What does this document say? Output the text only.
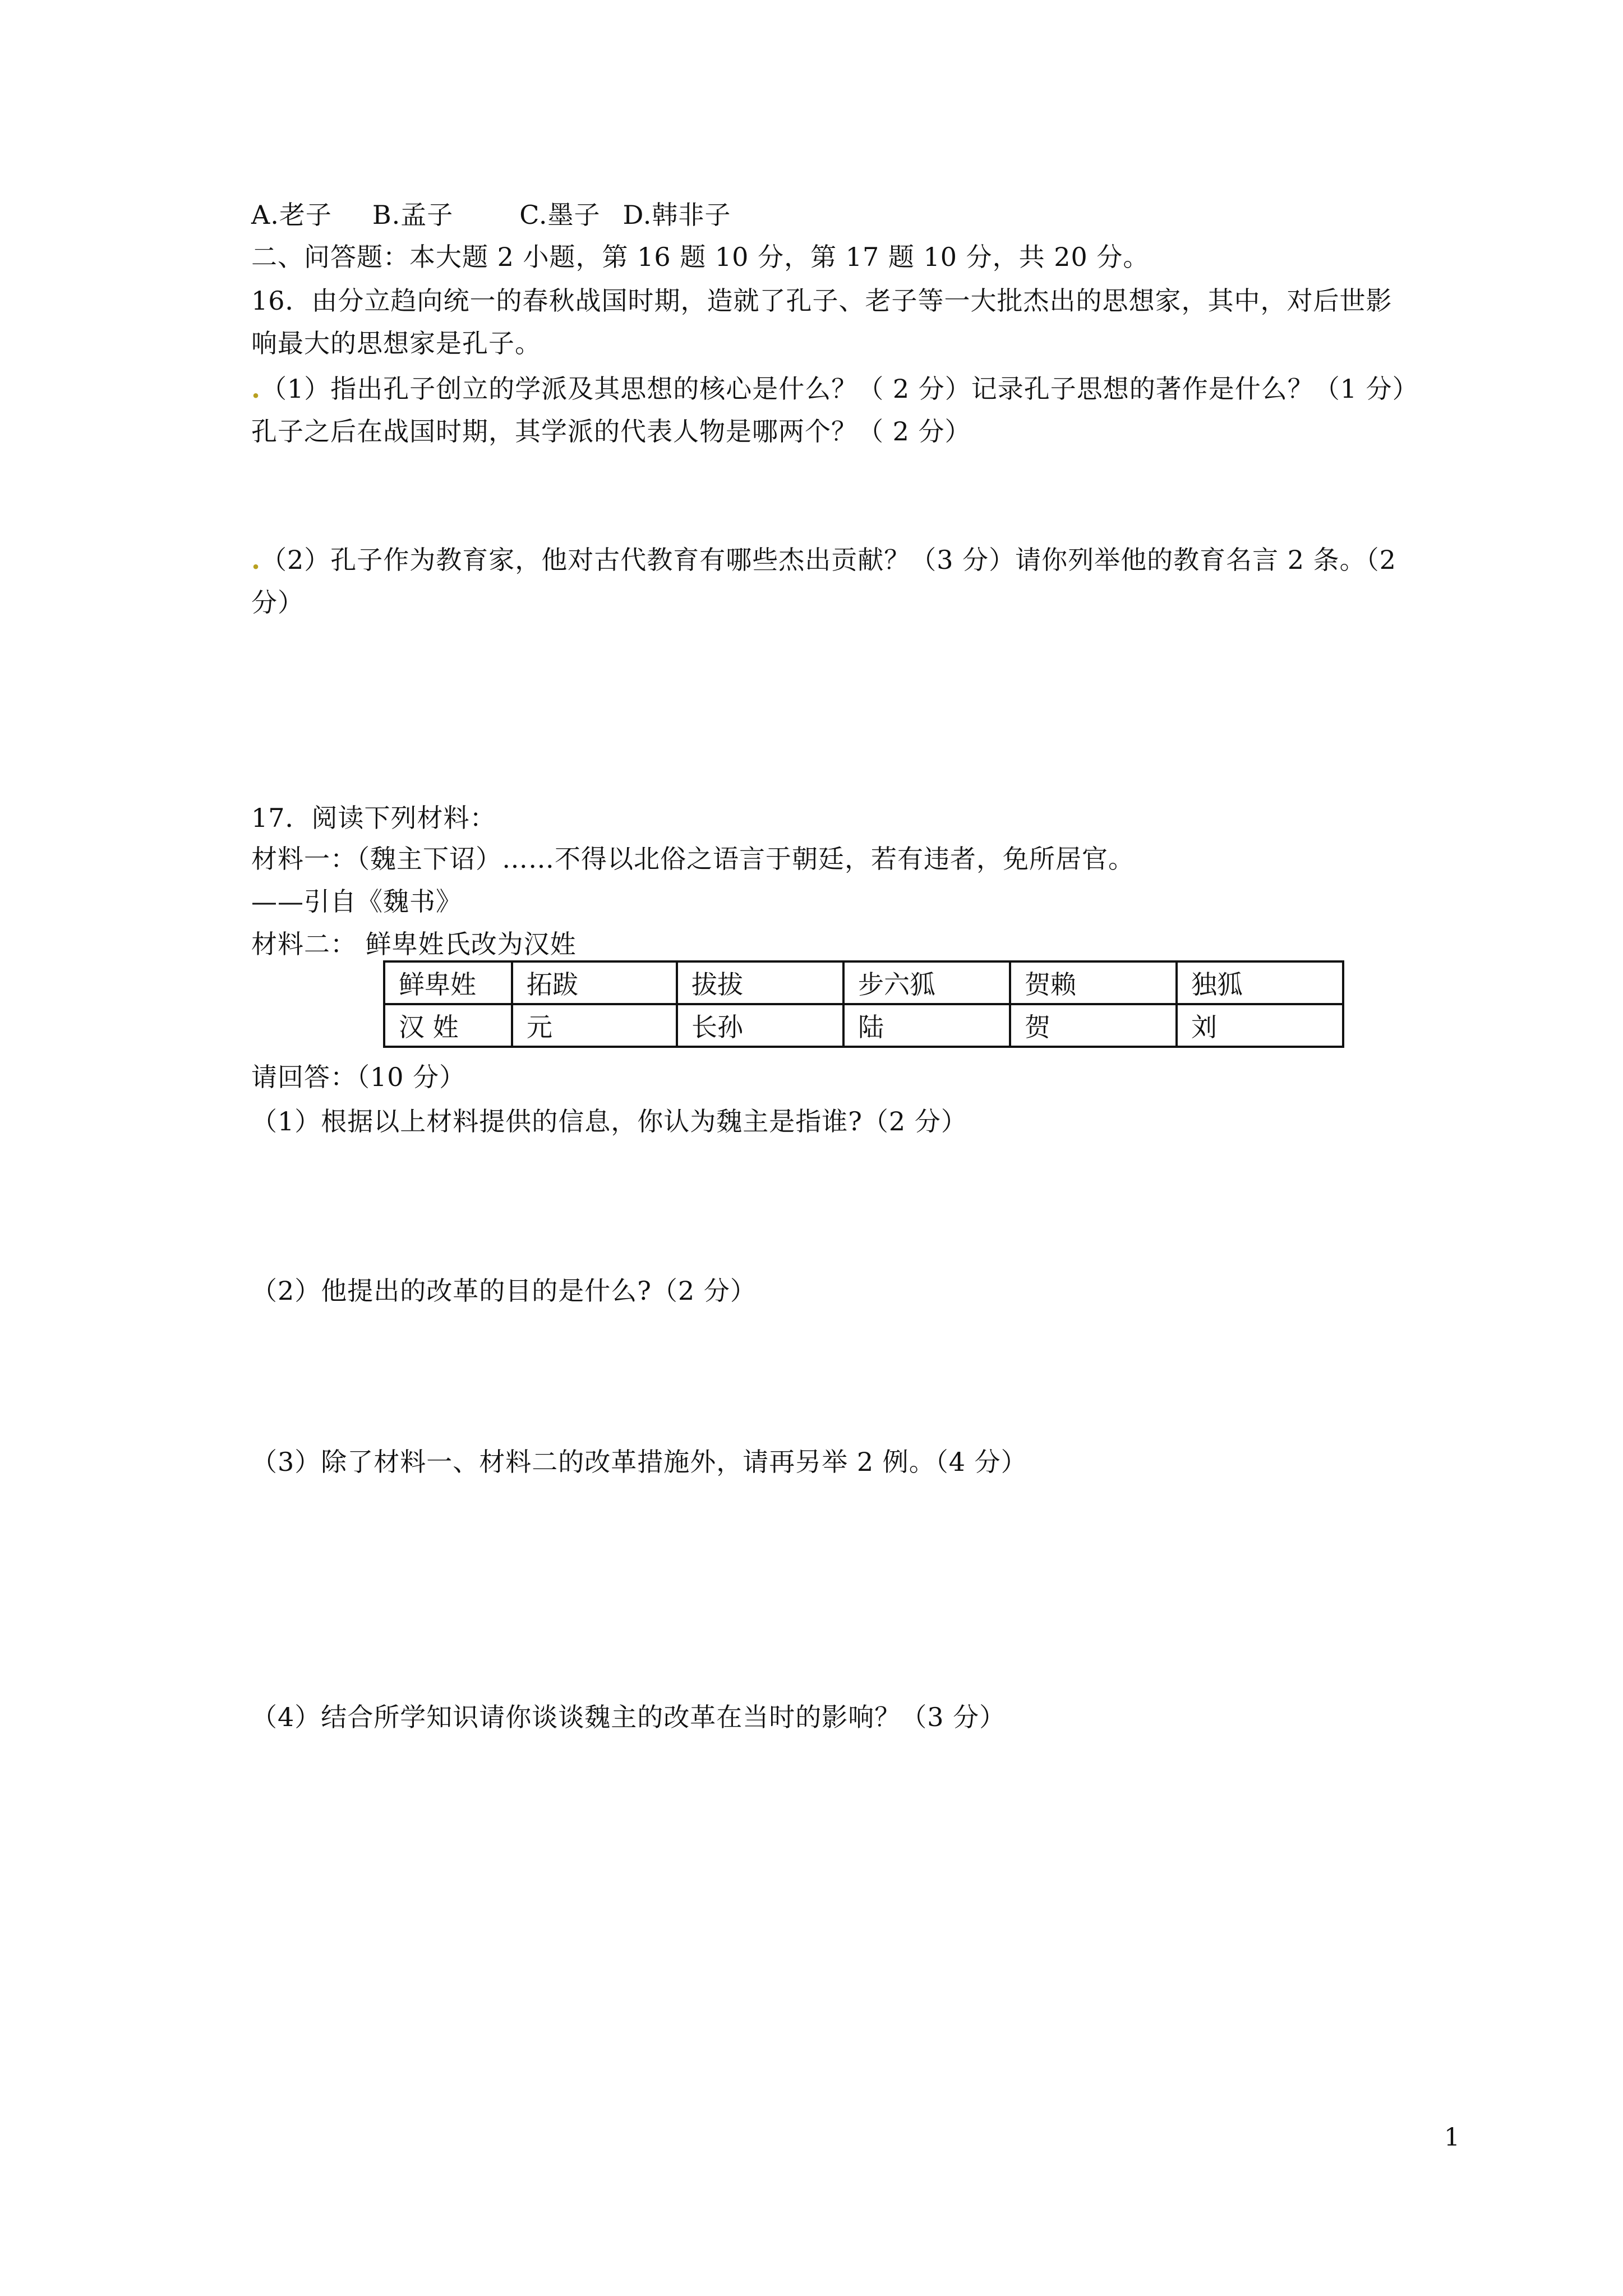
A.老子 B.孟子	C.墨子 D.韩非子
二、问答题：本大题 2 小题，第 16 题 10 分，第 17 题 10 分，共 20 分。
16．由分立趋向统一的春秋战国时期，造就了孔子、老子等一大批杰出的思想家，其中，对后世影
响最大的思想家是孔子。
.（1）指出孔子创立的学派及其思想的核心是什么？（ 2 分）记录孔子思想的著作是什么？（1 分）
孔子之后在战国时期，其学派的代表人物是哪两个？（ 2 分）
.（2）孔子作为教育家，他对古代教育有哪些杰出贡献？（3 分）请你列举他的教育名言 2 条。（2
分）
17．阅读下列材料：
材料一：（魏主下诏）……不得以北俗之语言于朝廷，若有违者，免所居官。
——引自《魏书》
材料二： 鲜卑姓氏改为汉姓
鲜卑姓	拓跋	拔拔	步六狐	贺赖	独狐
汉 姓	元	长孙	陆	贺	刘
请回答：（10 分）
（1）根据以上材料提供的信息，你认为魏主是指谁?（2 分）
（2）他提出的改革的目的是什么?（2 分）
（3）除了材料一、材料二的改革措施外，请再另举 2 例。（4 分）
（4）结合所学知识请你谈谈魏主的改革在当时的影响？（3 分）
1
